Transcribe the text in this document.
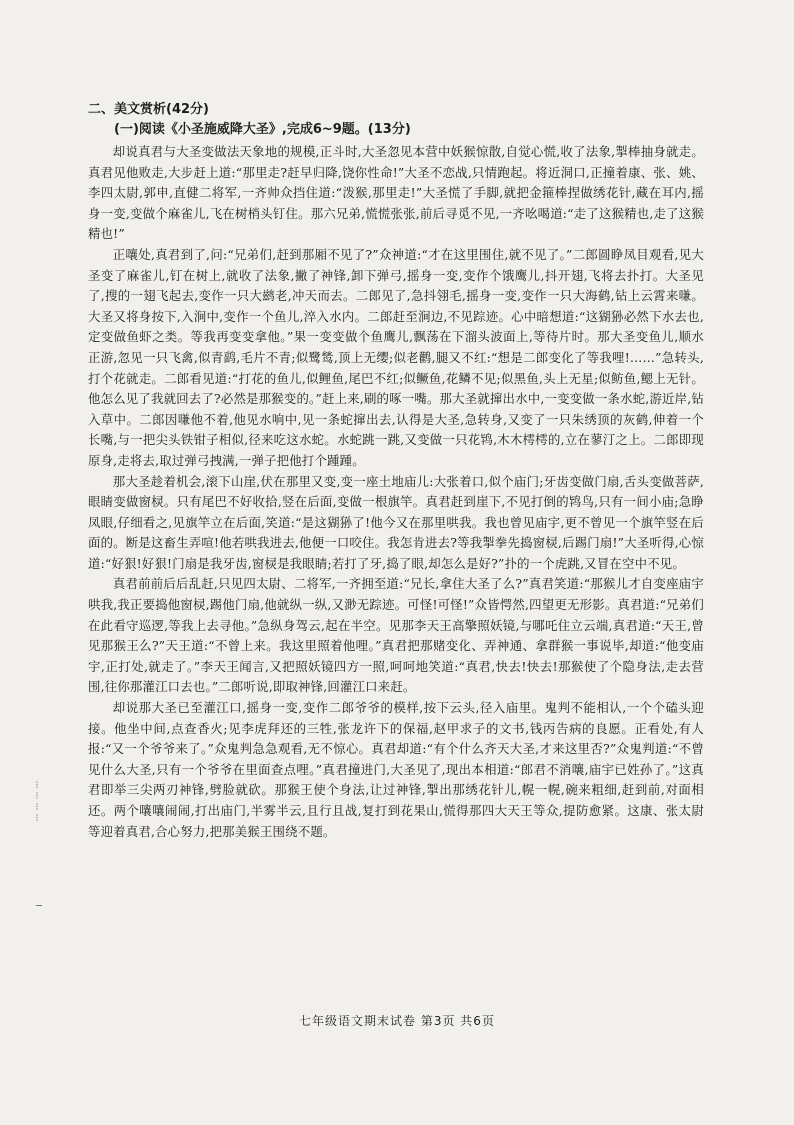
二、美文赏析(42分)

(一)阅读《小圣施威降大圣》,完成6~9题。(13分)

却说真君与大圣变做法天象地的规模,正斗时,大圣忽见本营中妖猴惊散,自觉心慌,收了法象,掣棒抽身就走。真君见他败走,大步赶上道:“那里走?赶早归降,饶你性命!”大圣不恋战,只情跑起。将近洞口,正撞着康、张、姚、李四太尉,郭申,直健二将军,一齐帅众挡住道:“泼猴,那里走!”大圣慌了手脚,就把金箍棒捏做绣花针,藏在耳内,摇身一变,变做个麻雀儿,飞在树梢头钉住。那六兄弟,慌慌张张,前后寻觅不见,一齐吆喝道:“走了这猴精也,走了这猴精也!”

正嚷处,真君到了,问:“兄弟们,赶到那厢不见了?”众神道:“才在这里围住,就不见了。”二郎圆睁凤目观看,见大圣变了麻雀儿,钉在树上,就收了法象,撇了神锋,卸下弹弓,摇身一变,变作个饿鹰儿,抖开翅,飞将去扑打。大圣见了,搜的一翅飞起去,变作一只大鹚老,冲天而去。二郎见了,急抖翎毛,摇身一变,变作一只大海鹤,钻上云霄来嗛。大圣又将身按下,入涧中,变作一个鱼儿,淬入水内。二郎赶至涧边,不见踪迹。心中暗想道:“这猢狲必然下水去也,定变做鱼虾之类。等我再变变拿他。”果一变变做个鱼鹰儿,飘荡在下溜头波面上,等待片时。那大圣变鱼儿,顺水正游,忽见一只飞禽,似青鹞,毛片不青;似鹭鸶,顶上无缨;似老鹳,腿又不红:“想是二郎变化了等我哩!……”急转头,打个花就走。二郎看见道:“打花的鱼儿,似鲤鱼,尾巴不红;似鳜鱼,花鳞不见;似黑鱼,头上无星;似鲂鱼,鳃上无针。他怎么见了我就回去了?必然是那猴变的。”赶上来,刷的啄一嘴。那大圣就撺出水中,一变变做一条水蛇,游近岸,钻入草中。二郎因嗛他不着,他见水响中,见一条蛇撺出去,认得是大圣,急转身,又变了一只朱绣顶的灰鹤,伸着一个长嘴,与一把尖头铁钳子相似,径来吃这水蛇。水蛇跳一跳,又变做一只花鸨,木木樗樗的,立在蓼汀之上。二郎即现原身,走将去,取过弹弓拽满,一弹子把他打个踵踵。

那大圣趁着机会,滚下山崖,伏在那里又变,变一座土地庙儿:大张着口,似个庙门;牙齿变做门扇,舌头变做菩萨,眼睛变做窗棂。只有尾巴不好收拾,竖在后面,变做一根旗竿。真君赶到崖下,不见打倒的鸨鸟,只有一间小庙;急睁凤眼,仔细看之,见旗竿立在后面,笑道:“是这猢狲了!他今又在那里哄我。我也曾见庙宇,更不曾见一个旗竿竖在后面的。断是这畜生弄喧!他若哄我进去,他便一口咬住。我怎肯进去?等我掣拳先捣窗棂,后踢门扇!”大圣听得,心惊道:“好狠!好狠!门扇是我牙齿,窗棂是我眼睛;若打了牙,捣了眼,却怎么是好?”扑的一个虎跳,又冒在空中不见。

真君前前后后乱赶,只见四太尉、二将军,一齐拥至道:“兄长,拿住大圣了么?”真君笑道:“那猴儿才自变座庙宇哄我,我正要捣他窗棂,踢他门扇,他就纵一纵,又渺无踪迹。可怪!可怪!”众皆愕然,四望更无形影。真君道:“兄弟们在此看守巡逻,等我上去寻他。”急纵身驾云,起在半空。见那李天王高擎照妖镜,与哪吒住立云端,真君道:“天王,曾见那猴王么?”天王道:“不曾上来。我这里照着他哩。”真君把那赌变化、弄神通、拿群猴一事说毕,却道:“他变庙宇,正打处,就走了。”李天王闻言,又把照妖镜四方一照,呵呵地笑道:“真君,快去!快去!那猴使了个隐身法,走去营围,往你那灌江口去也。”二郎听说,即取神锋,回灌江口来赶。

却说那大圣已至灌江口,摇身一变,变作二郎爷爷的模样,按下云头,径入庙里。鬼判不能相认,一个个磕头迎接。他坐中间,点查香火;见李虎拜还的三牲,张龙许下的保福,赵甲求子的文书,钱丙告病的良愿。正看处,有人报:“又一个爷爷来了。”众鬼判急急观看,无不惊心。真君却道:“有个什么齐天大圣,才来这里否?”众鬼判道:“不曾见什么大圣,只有一个爷爷在里面查点哩。”真君撞进门,大圣见了,现出本相道:“郎君不消嚷,庙宇已姓孙了。”这真君即举三尖两刃神锋,劈脸就砍。那猴王使个身法,让过神锋,掣出那绣花针儿,幌一幌,碗来粗细,赶到前,对面相还。两个嚷嚷闹闹,打出庙门,半雾半云,且行且战,复打到花果山,慌得那四大天王等众,提防愈紧。这康、张太尉等迎着真君,合心努力,把那美猴王围绕不题。

⁝
⁝
⁝
⁝
七年级语文期末试卷 第3页 共6页
